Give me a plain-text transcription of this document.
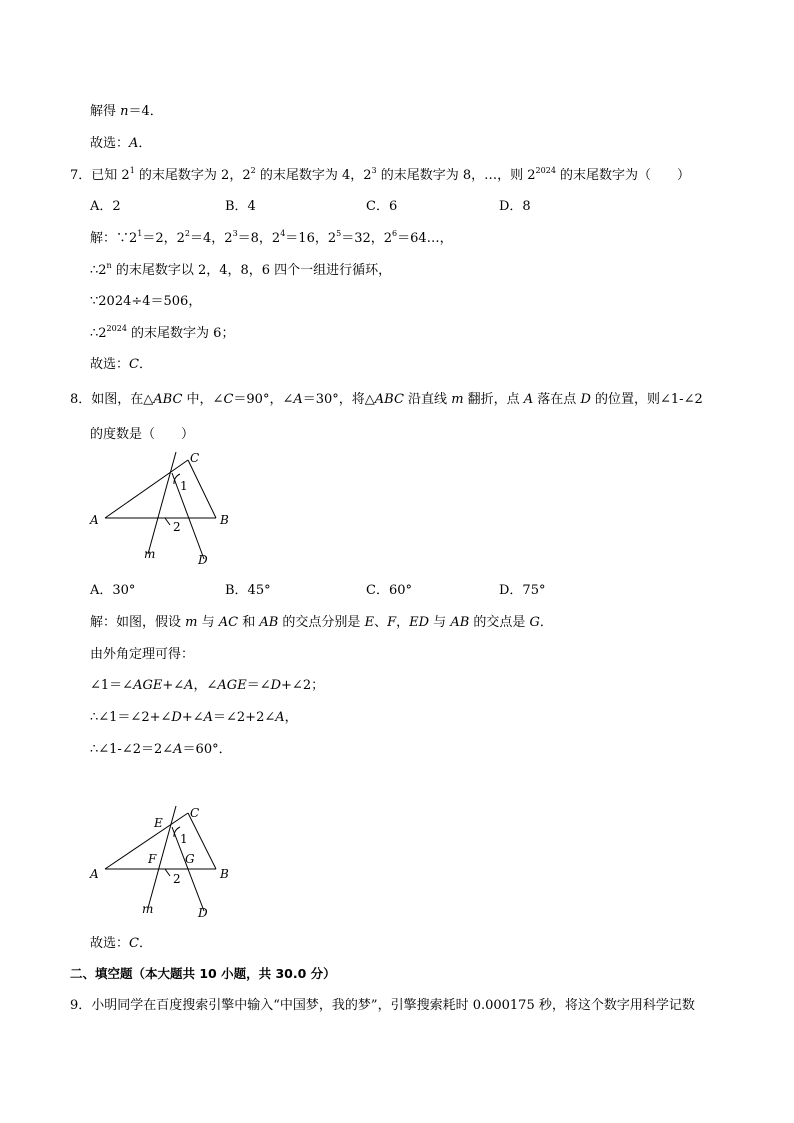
解得 n＝4．
故选：A．
7．已知 $2^1$ 的末尾数字为 2，$2^2$ 的末尾数字为 4，$2^3$ 的末尾数字为 8，…，则 $2^{2024}$ 的末尾数字为（　　）
A．2	B．4	C．6	D．8
解：$\because 2^1=2$，$2^2=4$，$2^3=8$，$2^4=16$，$2^5=32$，$2^6=64\dots$，
∴2$^n$ 的末尾数字以 2，4，8，6 四个一组进行循环，
∵2024÷4＝506，
$\therefore 2^{2024}$ 的末尾数字为 6；
故选：C．
8．如图，在△ABC 中，∠C＝90°，∠A＝30°，将△ABC 沿直线 m 翻折，点 A 落在点 D 的位置，则∠1-∠2
的度数是（　　）
C
1
A	B
2
m	D
A．30°	B．45°	C．60°	D．75°
解：如图，假设 m 与 AC 和 AB 的交点分别是 E、F，ED 与 AB 的交点是 G．
由外角定理可得：
∠1＝∠AGE+∠A，∠AGE＝∠D+∠2；
∴∠1＝∠2+∠D+∠A＝∠2+2∠A，
∴∠1-∠2＝2∠A＝60°．
E
C
1
F G
A	B
2
m	D
故选：C．
二、填空题（本大题共 10 小题，共 30.0 分）
9．小明同学在百度搜索引擎中输入“中国梦，我的梦”，引擎搜索耗时 0.000175 秒，将这个数字用科学记数
